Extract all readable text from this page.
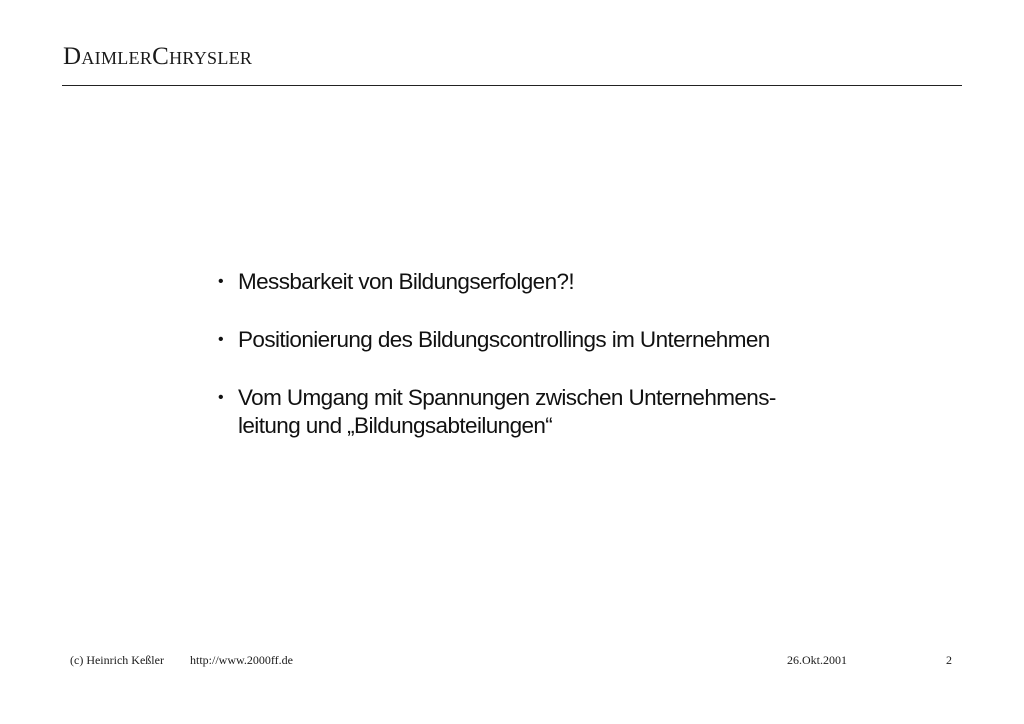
DaimlerChrysler
• Messbarkeit von Bildungserfolgen?!
• Positionierung des Bildungscontrollings im Unternehmen
• Vom Umgang mit Spannungen zwischen Unternehmens-
leitung und „Bildungsabteilungen“
(c) Heinrich Keßler http://www.2000ff.de	26.Okt.2001	2
